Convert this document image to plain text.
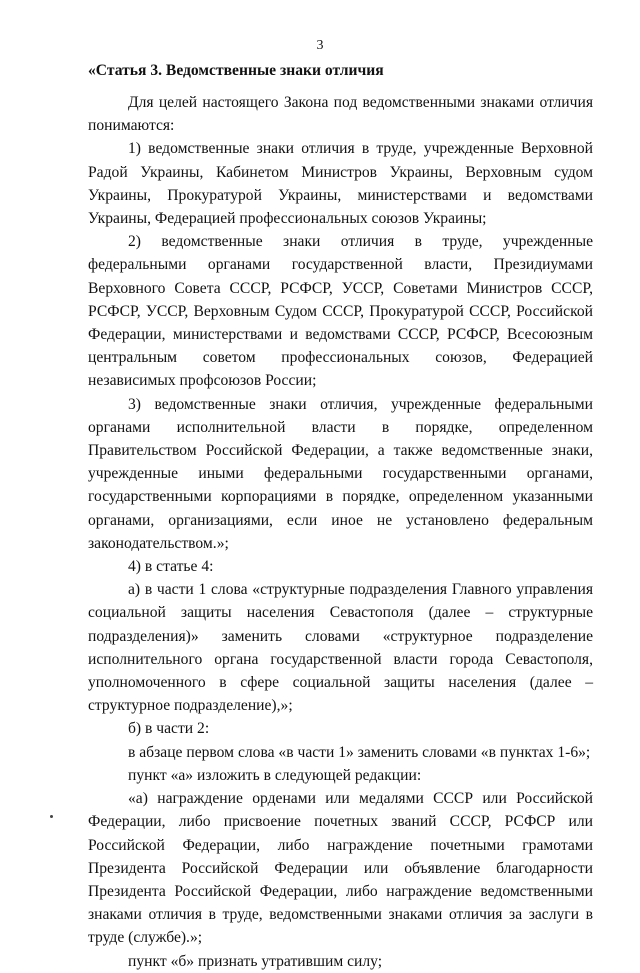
3
«Статья 3. Ведомственные знаки отличия

Для целей настоящего Закона под ведомственными знаками отличия понимаются:

1) ведомственные знаки отличия в труде, учрежденные Верховной Радой Украины, Кабинетом Министров Украины, Верховным судом Украины, Прокуратурой Украины, министерствами и ведомствами Украины, Федерацией профессиональных союзов Украины;

2) ведомственные знаки отличия в труде, учрежденные федеральными органами государственной власти, Президиумами Верховного Совета СССР, РСФСР, УССР, Советами Министров СССР, РСФСР, УССР, Верховным Судом СССР, Прокуратурой СССР, Российской Федерации, министерствами и ведомствами СССР, РСФСР, Всесоюзным центральным советом профессиональных союзов, Федерацией независимых профсоюзов России;

3) ведомственные знаки отличия, учрежденные федеральными органами исполнительной власти в порядке, определенном Правительством Российской Федерации, а также ведомственные знаки, учрежденные иными федеральными государственными органами, государственными корпорациями в порядке, определенном указанными органами, организациями, если иное не установлено федеральным законодательством.»;

4) в статье 4:

а) в части 1 слова «структурные подразделения Главного управления социальной защиты населения Севастополя (далее – структурные подразделения)» заменить словами «структурное подразделение исполнительного органа государственной власти города Севастополя, уполномоченного в сфере социальной защиты населения (далее – структурное подразделение),»;

б) в части 2:

в абзаце первом слова «в части 1» заменить словами «в пунктах 1-6»;

пункт «а» изложить в следующей редакции:

«а) награждение орденами или медалями СССР или Российской Федерации, либо присвоение почетных званий СССР, РСФСР или Российской Федерации, либо награждение почетными грамотами Президента Российской Федерации или объявление благодарности Президента Российской Федерации, либо награждение ведомственными знаками отличия в труде, ведомственными знаками отличия за заслуги в труде (службе).»;

пункт «б» признать утратившим силу;
